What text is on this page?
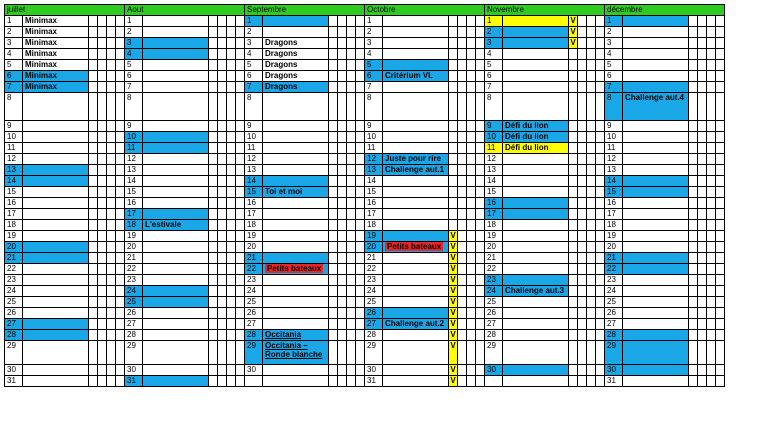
juillet						Aout						Septembre						Octobre						Novembre						décembre					
1	Minimax					1						1						1						1		V				1					
2	Minimax					2						2						2						2		V				2					
3	Minimax					3						3	Dragons					3						3		V				3					
4	Minimax					4						4	Dragons					4						4						4					
5	Minimax					5						5	Dragons					5						5						5					
6	Minimax					6						6	Dragons					6	Critérium VL					6						6					
7	Minimax					7						7	Dragons					7						7						7					
8						8						8						8						8						8	Challenge aut.4				
9						9						9						9						9	Défi du lion					9					
10						10						10						10						10	Défi du lion					10					
11						11						11						11						11	Défi du lion					11					
12						12						12						12	Juste pour rire					12						12					
13						13						13						13	Challenge aut.1					13						13					
14						14						14						14						14						14					
15						15						15	Toi et moi					15						15						15					
16						16						16						16						16						16					
17						17						17						17						17						17					
18						18	L'estivale					18						18						18						18					
19						19						19						19		V				19						19					
20						20						20						20	Petits bateaux	V				20						20					
21						21						21						21		V				21						21					
22						22						22	Petits bateaux					22		V				22						22					
23						23						23						23		V				23						23					
24						24						24						24		V				24	Challenge aut.3					24					
25						25						25						25		V				25						25					
26						26						26						26		V				26						26					
27						27						27						27	Challenge aut.2	V				27						27					
28						28						28	Occitania					28		V				28						28					
29						29						29	Occitania – Ronde blanche					29		V				29						29					
30						30						30						30		V				30						30					
31						31												31		V										31					
